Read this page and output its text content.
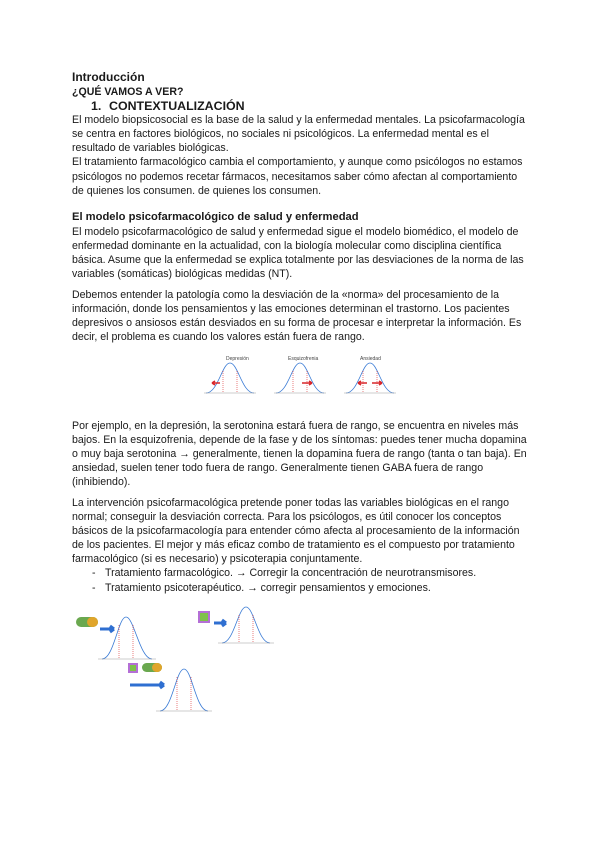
Introducción
¿QUÉ VAMOS A VER?
1. CONTEXTUALIZACIÓN

El modelo biopsicosocial es la base de la salud y la enfermedad mentales. La psicofarmacología se centra en factores biológicos, no sociales ni psicológicos. La enfermedad mental es el resultado de variables biológicas.

El tratamiento farmacológico cambia el comportamiento, y aunque como psicólogos no estamos psicólogos no podemos recetar fármacos, necesitamos saber cómo afectan al comportamiento de quienes los consumen. de quienes los consumen.

El modelo psicofarmacológico de salud y enfermedad

El modelo psicofarmacológico de salud y enfermedad sigue el modelo biomédico, el modelo de enfermedad dominante en la actualidad, con la biología molecular como disciplina científica básica. Asume que la enfermedad se explica totalmente por las desviaciones de la norma de las variables (somáticas) biológicas medidas (NT).

Debemos entender la patología como la desviación de la «norma» del procesamiento de la información, donde los pensamientos y las emociones determinan el trastorno. Los pacientes depresivos o ansiosos están desviados en su forma de procesar e interpretar la información. Es decir, el problema es cuando los valores están fuera de rango.

Depresión	Esquizofrenia	Ansiedad

Por ejemplo, en la depresión, la serotonina estará fuera de rango, se encuentra en niveles más bajos. En la esquizofrenia, depende de la fase y de los síntomas: puedes tener mucha dopamina o muy baja serotonina → generalmente, tienen la dopamina fuera de rango (tanta o tan baja). En ansiedad, suelen tener todo fuera de rango. Generalmente tienen GABA fuera de rango (inhibiendo).

La intervención psicofarmacológica pretende poner todas las variables biológicas en el rango normal; conseguir la desviación correcta. Para los psicólogos, es útil conocer los conceptos básicos de la psicofarmacología para entender cómo afecta al procesamiento de la información de los pacientes. El mejor y más eficaz combo de tratamiento es el compuesto por tratamiento farmacológico (si es necesario) y psicoterapia conjuntamente.

- Tratamiento farmacológico. → Corregir la concentración de neurotransmisores.
- Tratamiento psicoterapéutico. → corregir pensamientos y emociones.
